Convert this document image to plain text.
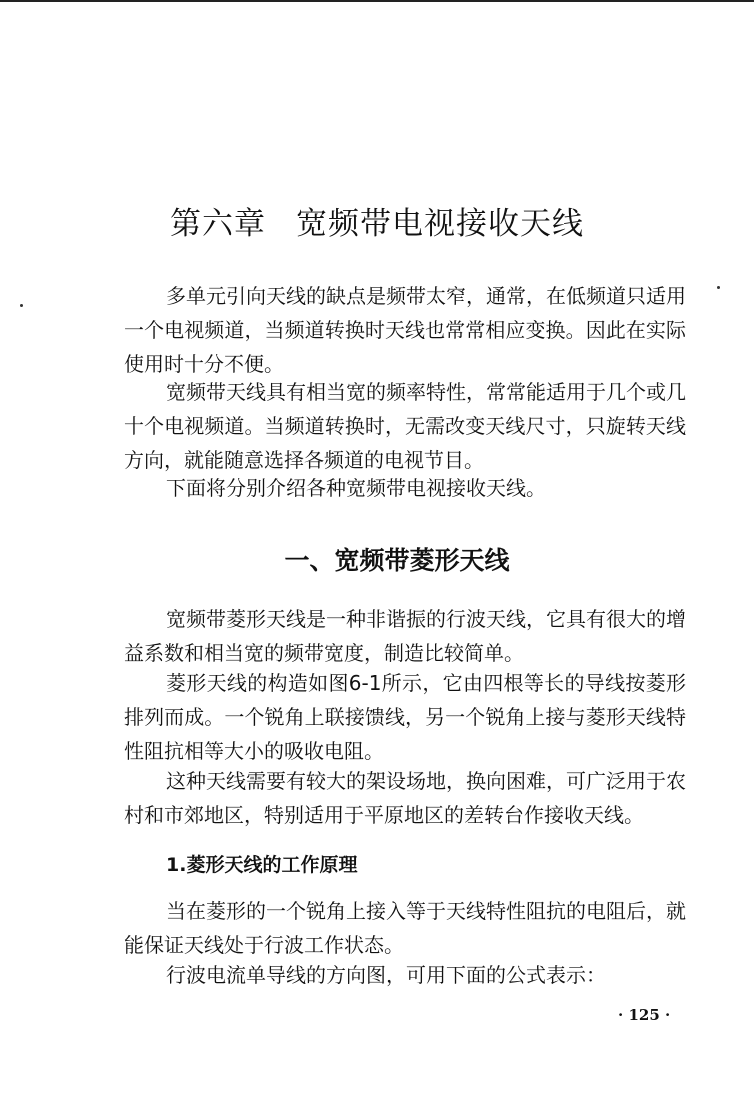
第六章 宽频带电视接收天线

多单元引向天线的缺点是频带太窄，通常，在低频道只适用一个电视频道，当频道转换时天线也常常相应变换。因此在实际使用时十分不便。

宽频带天线具有相当宽的频率特性，常常能适用于几个或几十个电视频道。当频道转换时，无需改变天线尺寸，只旋转天线方向，就能随意选择各频道的电视节目。

下面将分别介绍各种宽频带电视接收天线。

一、宽频带菱形天线

宽频带菱形天线是一种非谐振的行波天线，它具有很大的增益系数和相当宽的频带宽度，制造比较简单。

菱形天线的构造如图6-1所示，它由四根等长的导线按菱形排列而成。一个锐角上联接馈线，另一个锐角上接与菱形天线特性阻抗相等大小的吸收电阻。

这种天线需要有较大的架设场地，换向困难，可广泛用于农村和市郊地区，特别适用于平原地区的差转台作接收天线。

1.菱形天线的工作原理

当在菱形的一个锐角上接入等于天线特性阻抗的电阻后，就能保证天线处于行波工作状态。

行波电流单导线的方向图，可用下面的公式表示：

· 125 ·
